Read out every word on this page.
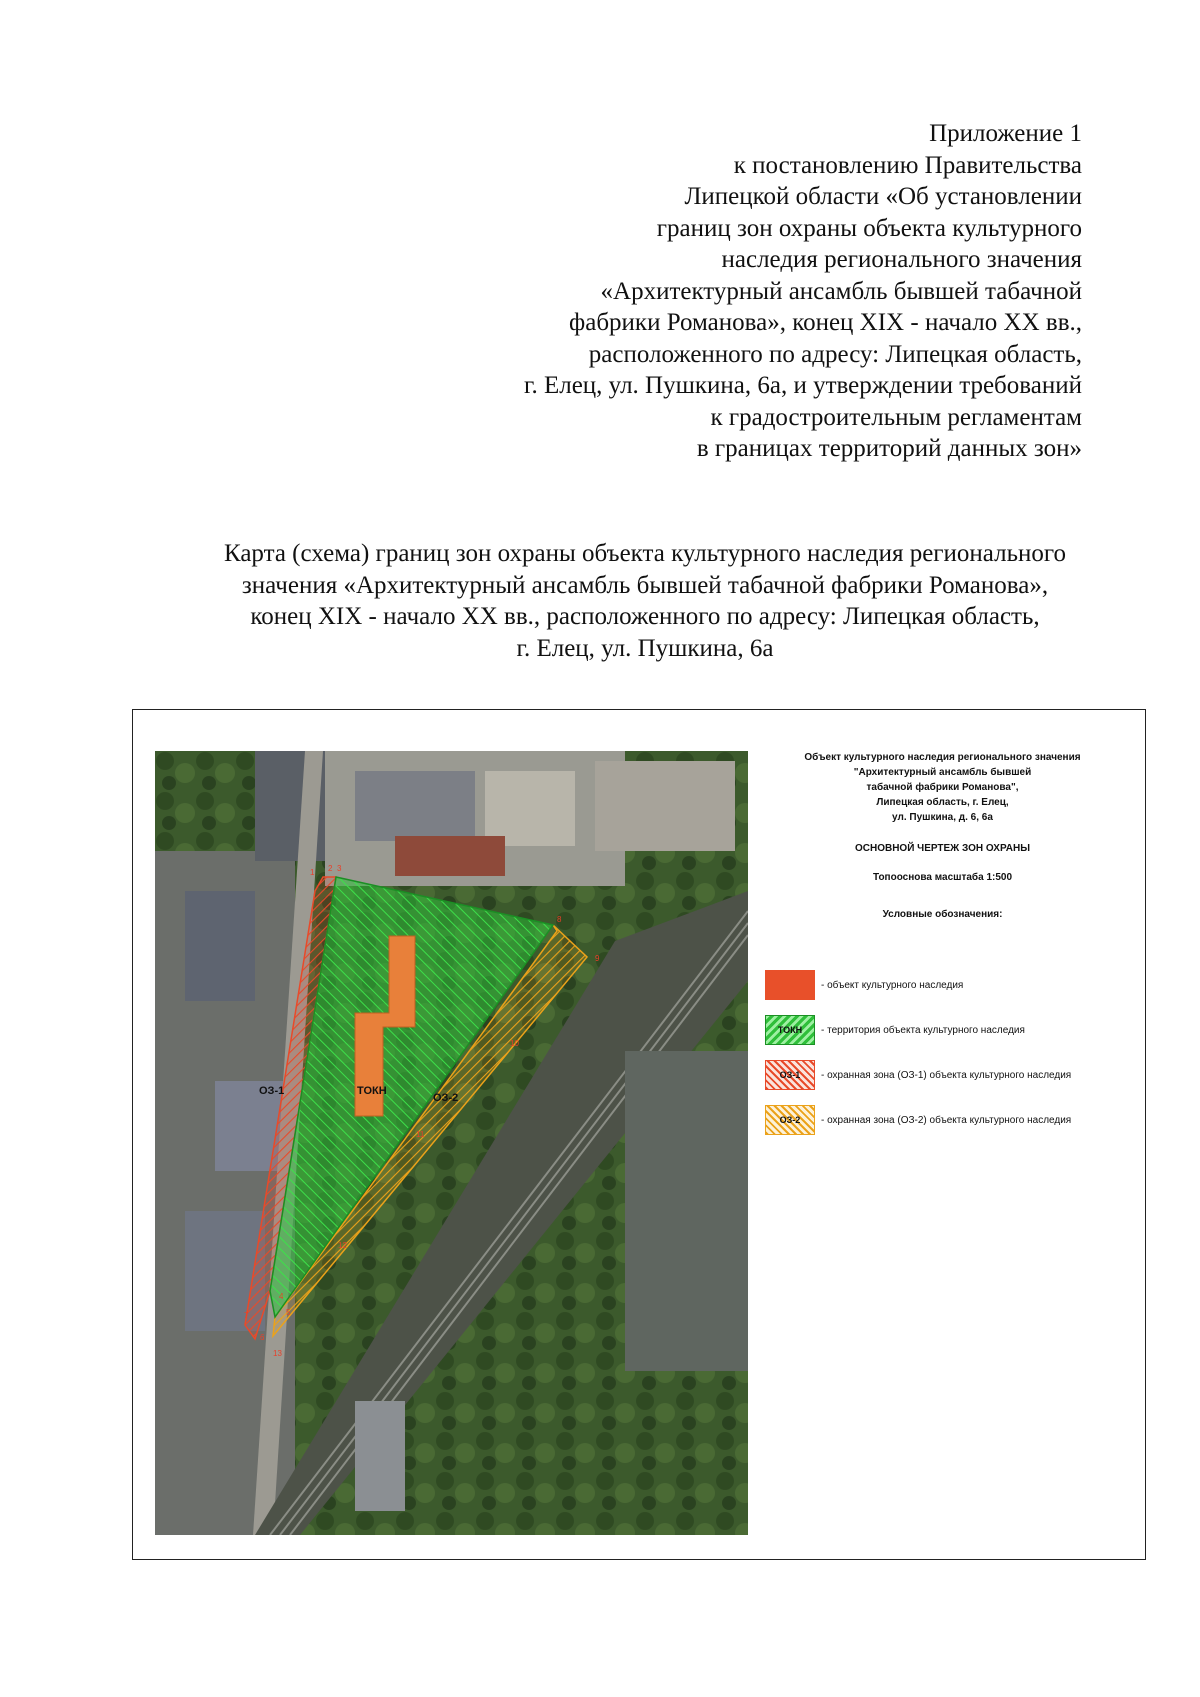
Приложение 1
к постановлению Правительства
Липецкой области «Об установлении
границ зон охраны объекта культурного
наследия регионального значения
«Архитектурный ансамбль бывшей табачной
фабрики Романова», конец XIX - начало XX вв.,
расположенного по адресу: Липецкая область,
г. Елец, ул. Пушкина, 6а, и утверждении требований
к градостроительным регламентам
в границах территорий данных зон»
Карта (схема) границ зон охраны объекта культурного наследия регионального
значения «Архитектурный ансамбль бывшей табачной фабрики Романова»,
конец XIX - начало XX вв., расположенного по адресу: Липецкая область,
г. Елец, ул. Пушкина, 6а
ОЗ-1	ТОКН
ОЗ-2
1 2 3
4
5
6
7
8
9
10
11
12
13
Объект культурного наследия регионального значения
"Архитектурный ансамбль бывшей
табачной фабрики Романова",
Липецкая область, г. Елец,
ул. Пушкина, д. 6, 6а
ОСНОВНОЙ ЧЕРТЕЖ ЗОН ОХРАНЫ
Топооснова масштаба 1:500
Условные обозначения:
- объект культурного наследия
ТОКН - территория объекта культурного наследия
ОЗ-1 - охранная зона (ОЗ-1) объекта культурного наследия
ОЗ-2 - охранная зона (ОЗ-2) объекта культурного наследия
